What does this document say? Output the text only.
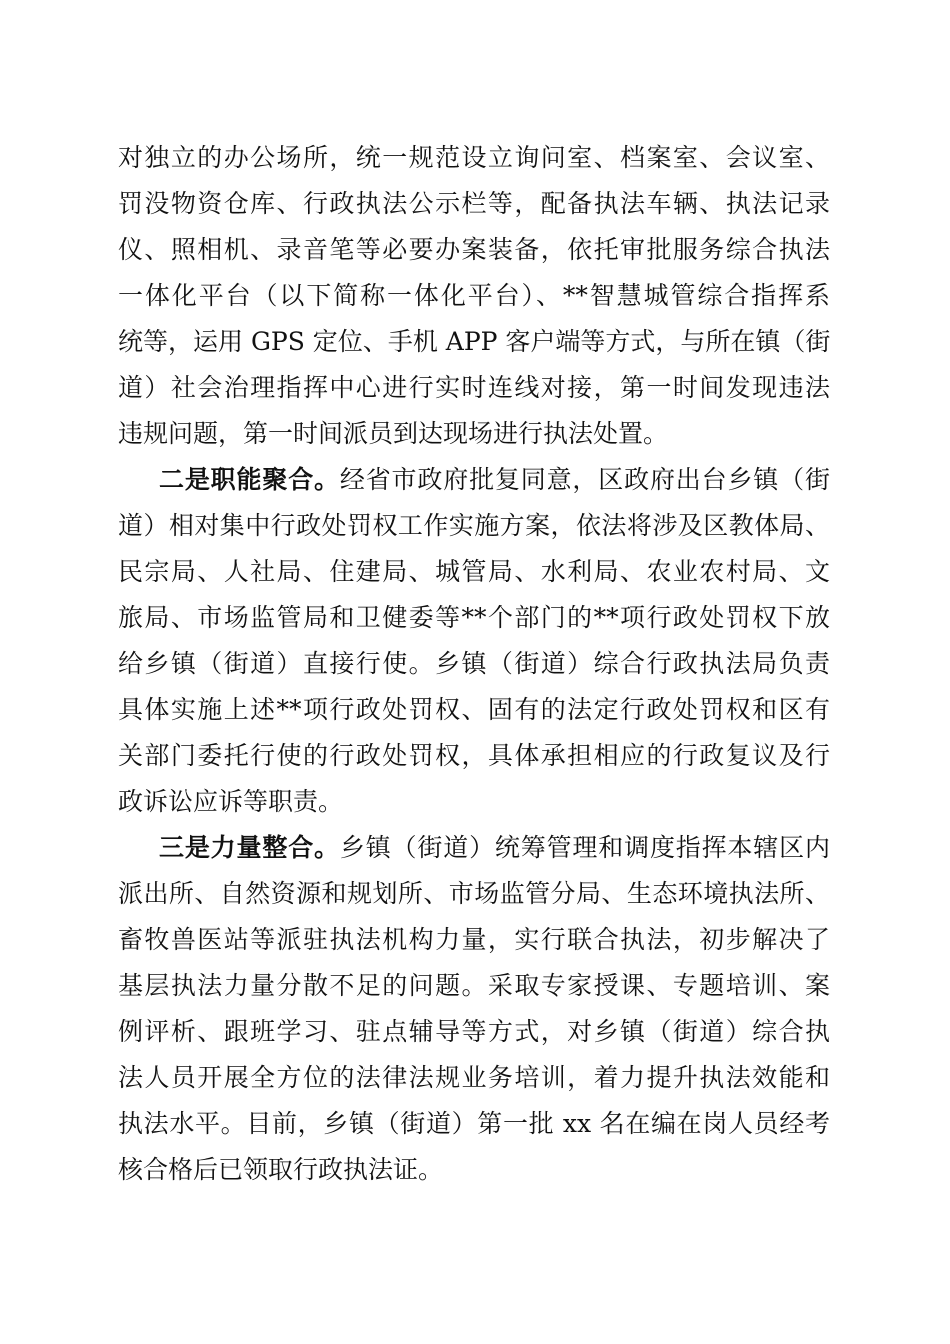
对独立的办公场所，统一规范设立询问室、档案室、会议室、
罚没物资仓库、行政执法公示栏等，配备执法车辆、执法记录
仪、照相机、录音笔等必要办案装备，依托审批服务综合执法
一体化平台（以下简称一体化平台）、**智慧城管综合指挥系
统等，运用 GPS 定位、手机 APP 客户端等方式，与所在镇（街
道）社会治理指挥中心进行实时连线对接，第一时间发现违法
违规问题，第一时间派员到达现场进行执法处置。
二是职能聚合。经省市政府批复同意，区政府出台乡镇（街
道）相对集中行政处罚权工作实施方案，依法将涉及区教体局、
民宗局、人社局、住建局、城管局、水利局、农业农村局、文
旅局、市场监管局和卫健委等**个部门的**项行政处罚权下放
给乡镇（街道）直接行使。乡镇（街道）综合行政执法局负责
具体实施上述**项行政处罚权、固有的法定行政处罚权和区有
关部门委托行使的行政处罚权，具体承担相应的行政复议及行
政诉讼应诉等职责。
三是力量整合。乡镇（街道）统筹管理和调度指挥本辖区内
派出所、自然资源和规划所、市场监管分局、生态环境执法所、
畜牧兽医站等派驻执法机构力量，实行联合执法，初步解决了
基层执法力量分散不足的问题。采取专家授课、专题培训、案
例评析、跟班学习、驻点辅导等方式，对乡镇（街道）综合执
法人员开展全方位的法律法规业务培训，着力提升执法效能和
执法水平。目前，乡镇（街道）第一批 xx 名在编在岗人员经考
核合格后已领取行政执法证。
